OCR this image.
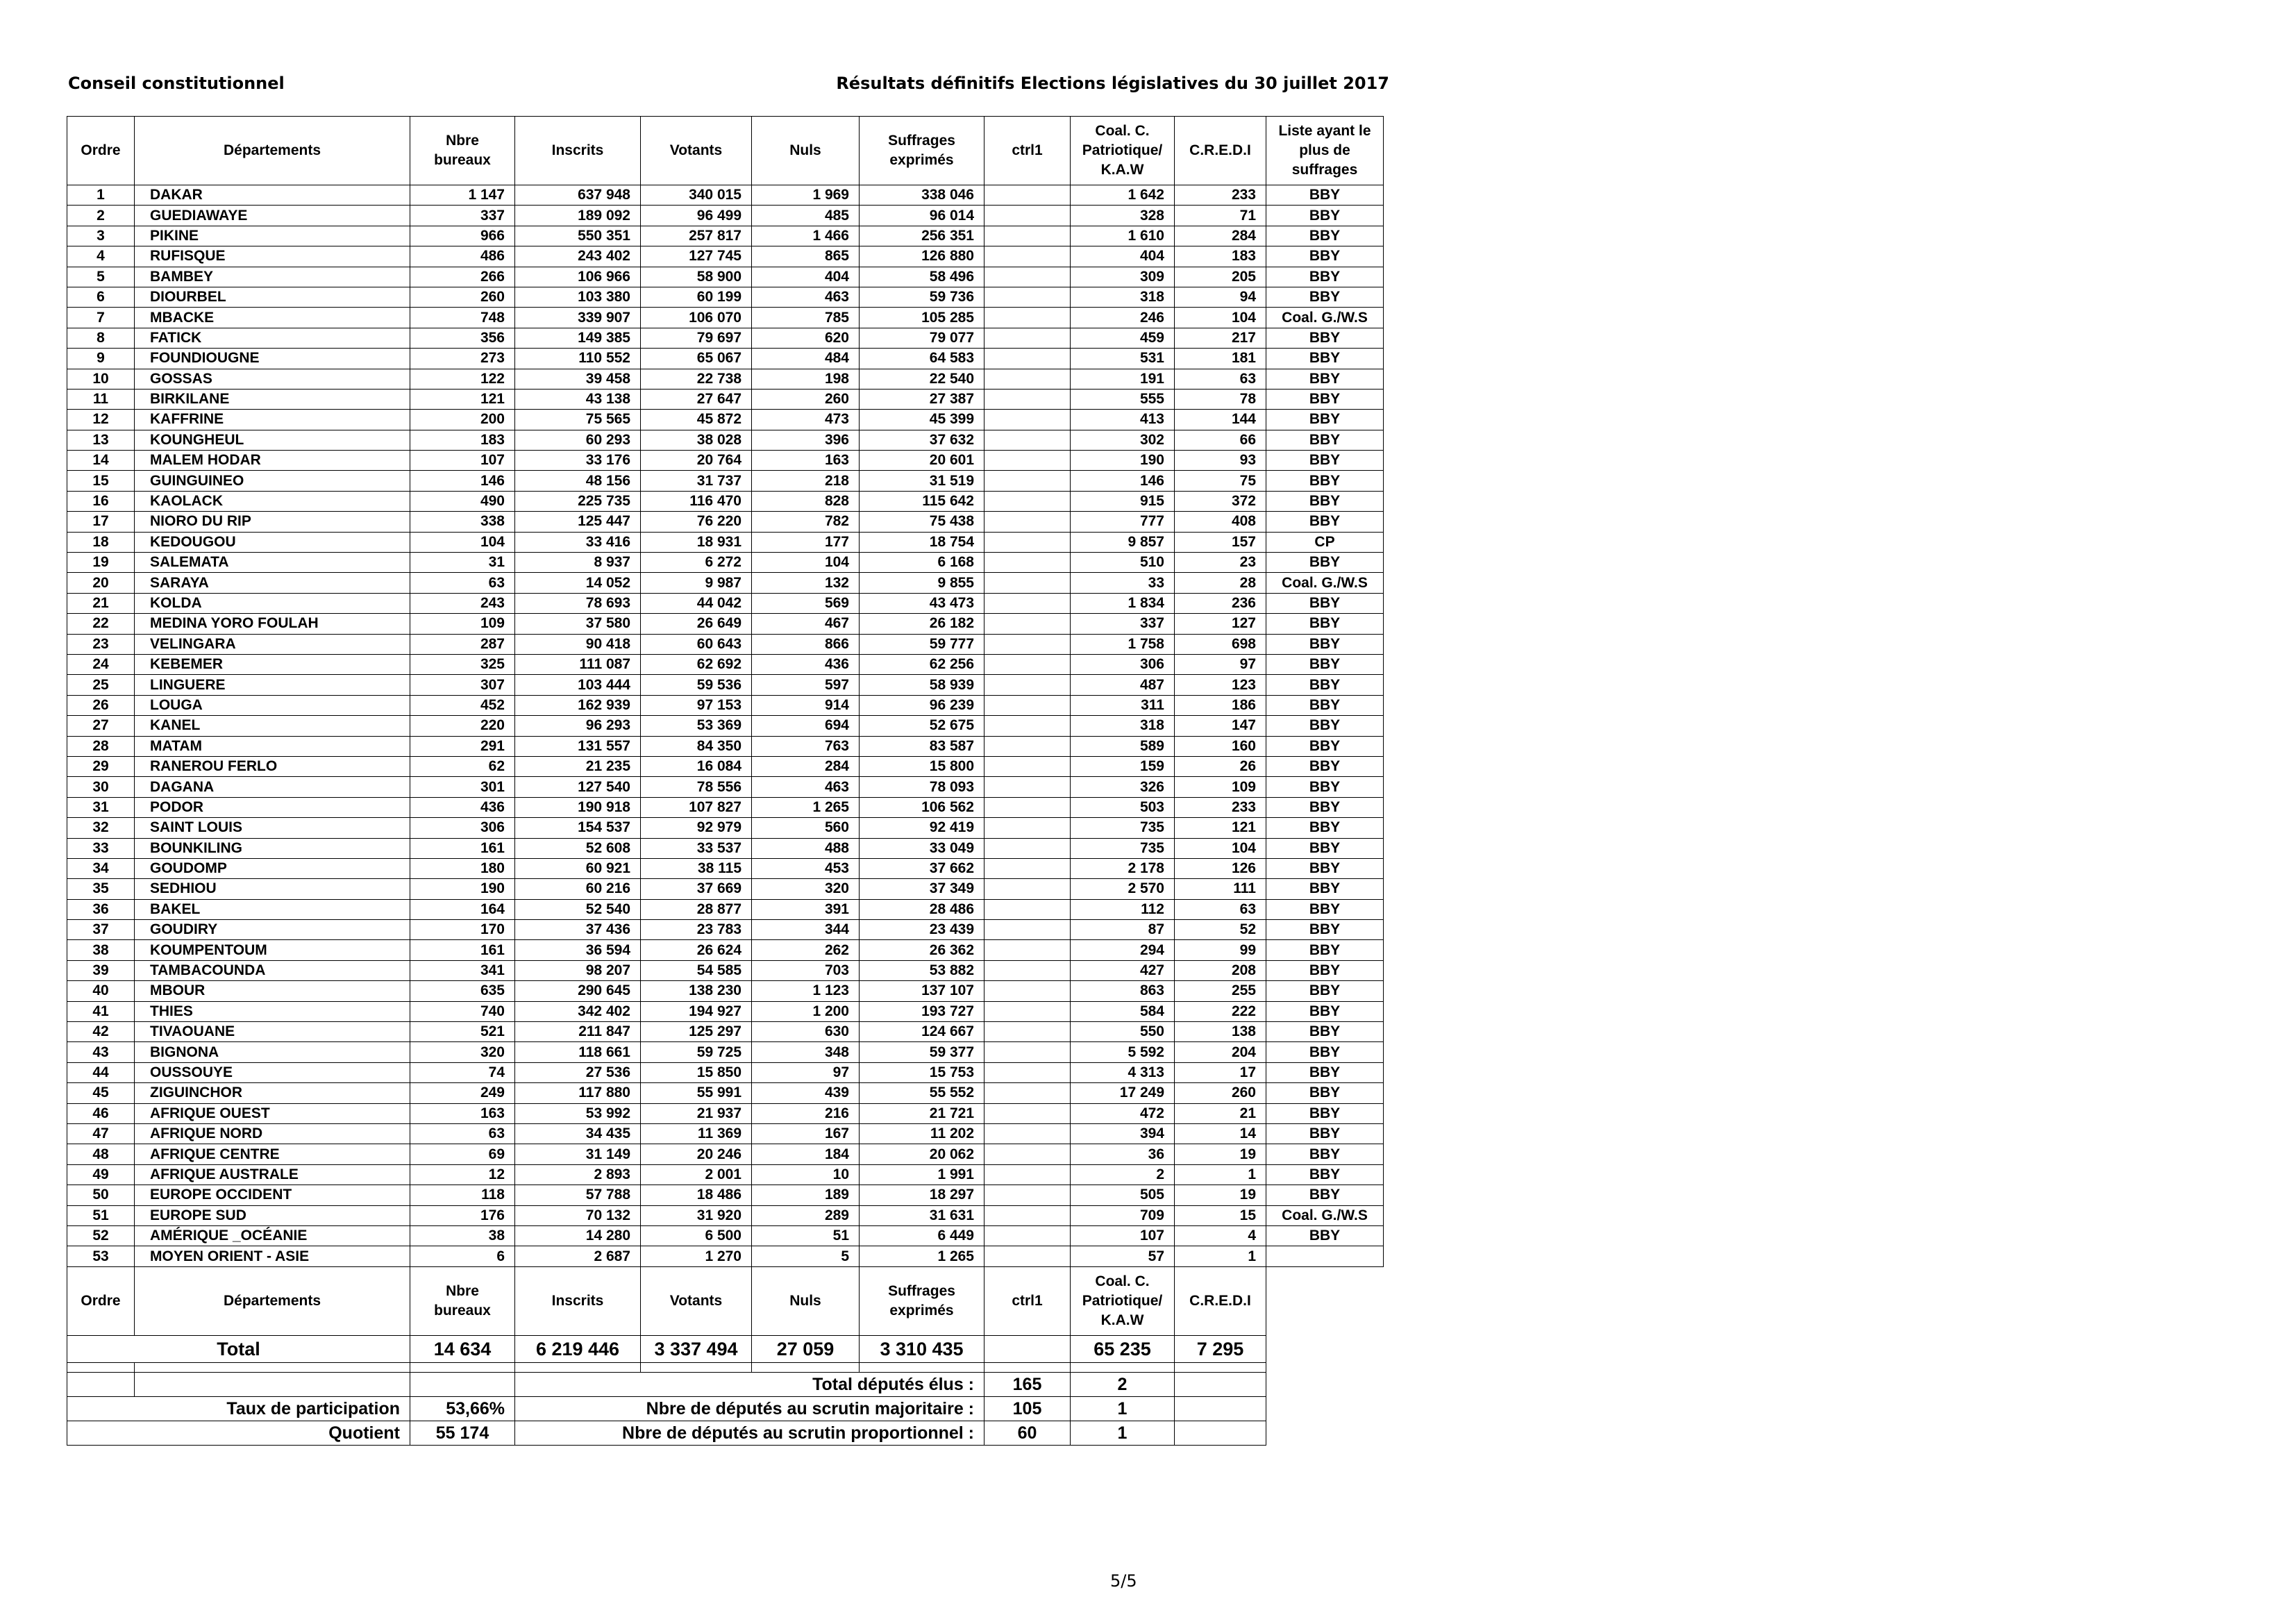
Conseil constitutionnel	Résultats définitifs Elections législatives du 30 juillet 2017
Ordre	Départements	Nbre
bureaux	Inscrits	Votants	Nuls	Suffrages
exprimés	ctrl1	Coal. C.
Patriotique/
K.A.W	C.R.E.D.I	Liste ayant le
plus de
suffrages
1	DAKAR	1 147	637 948	340 015	1 969	338 046		1 642	233	BBY
2	GUEDIAWAYE	337	189 092	96 499	485	96 014		328	71	BBY
3	PIKINE	966	550 351	257 817	1 466	256 351		1 610	284	BBY
4	RUFISQUE	486	243 402	127 745	865	126 880		404	183	BBY
5	BAMBEY	266	106 966	58 900	404	58 496		309	205	BBY
6	DIOURBEL	260	103 380	60 199	463	59 736		318	94	BBY
7	MBACKE	748	339 907	106 070	785	105 285		246	104	Coal. G./W.S
8	FATICK	356	149 385	79 697	620	79 077		459	217	BBY
9	FOUNDIOUGNE	273	110 552	65 067	484	64 583		531	181	BBY
10	GOSSAS	122	39 458	22 738	198	22 540		191	63	BBY
11	BIRKILANE	121	43 138	27 647	260	27 387		555	78	BBY
12	KAFFRINE	200	75 565	45 872	473	45 399		413	144	BBY
13	KOUNGHEUL	183	60 293	38 028	396	37 632		302	66	BBY
14	MALEM HODAR	107	33 176	20 764	163	20 601		190	93	BBY
15	GUINGUINEO	146	48 156	31 737	218	31 519		146	75	BBY
16	KAOLACK	490	225 735	116 470	828	115 642		915	372	BBY
17	NIORO DU RIP	338	125 447	76 220	782	75 438		777	408	BBY
18	KEDOUGOU	104	33 416	18 931	177	18 754		9 857	157	CP
19	SALEMATA	31	8 937	6 272	104	6 168		510	23	BBY
20	SARAYA	63	14 052	9 987	132	9 855		33	28	Coal. G./W.S
21	KOLDA	243	78 693	44 042	569	43 473		1 834	236	BBY
22	MEDINA YORO FOULAH	109	37 580	26 649	467	26 182		337	127	BBY
23	VELINGARA	287	90 418	60 643	866	59 777		1 758	698	BBY
24	KEBEMER	325	111 087	62 692	436	62 256		306	97	BBY
25	LINGUERE	307	103 444	59 536	597	58 939		487	123	BBY
26	LOUGA	452	162 939	97 153	914	96 239		311	186	BBY
27	KANEL	220	96 293	53 369	694	52 675		318	147	BBY
28	MATAM	291	131 557	84 350	763	83 587		589	160	BBY
29	RANEROU FERLO	62	21 235	16 084	284	15 800		159	26	BBY
30	DAGANA	301	127 540	78 556	463	78 093		326	109	BBY
31	PODOR	436	190 918	107 827	1 265	106 562		503	233	BBY
32	SAINT LOUIS	306	154 537	92 979	560	92 419		735	121	BBY
33	BOUNKILING	161	52 608	33 537	488	33 049		735	104	BBY
34	GOUDOMP	180	60 921	38 115	453	37 662		2 178	126	BBY
35	SEDHIOU	190	60 216	37 669	320	37 349		2 570	111	BBY
36	BAKEL	164	52 540	28 877	391	28 486		112	63	BBY
37	GOUDIRY	170	37 436	23 783	344	23 439		87	52	BBY
38	KOUMPENTOUM	161	36 594	26 624	262	26 362		294	99	BBY
39	TAMBACOUNDA	341	98 207	54 585	703	53 882		427	208	BBY
40	MBOUR	635	290 645	138 230	1 123	137 107		863	255	BBY
41	THIES	740	342 402	194 927	1 200	193 727		584	222	BBY
42	TIVAOUANE	521	211 847	125 297	630	124 667		550	138	BBY
43	BIGNONA	320	118 661	59 725	348	59 377		5 592	204	BBY
44	OUSSOUYE	74	27 536	15 850	97	15 753		4 313	17	BBY
45	ZIGUINCHOR	249	117 880	55 991	439	55 552		17 249	260	BBY
46	AFRIQUE OUEST	163	53 992	21 937	216	21 721		472	21	BBY
47	AFRIQUE NORD	63	34 435	11 369	167	11 202		394	14	BBY
48	AFRIQUE CENTRE	69	31 149	20 246	184	20 062		36	19	BBY
49	AFRIQUE AUSTRALE	12	2 893	2 001	10	1 991		2	1	BBY
50	EUROPE OCCIDENT	118	57 788	18 486	189	18 297		505	19	BBY
51	EUROPE SUD	176	70 132	31 920	289	31 631		709	15	Coal. G./W.S
52	AMÉRIQUE _OCÉANIE	38	14 280	6 500	51	6 449		107	4	BBY
53	MOYEN ORIENT - ASIE	6	2 687	1 270	5	1 265		57	1	
Ordre	Départements	Nbre
bureaux	Inscrits	Votants	Nuls	Suffrages
exprimés	ctrl1	Coal. C.
Patriotique/
K.A.W	C.R.E.D.I	
Total		14 634	6 219 446	3 337 494	27 059	3 310 435		65 235	7 295	

			Total députés élus :				165	2		
Taux de participation		53,66%	Nbre de députés au scrutin majoritaire :				105	1		
Quotient		55 174	Nbre de députés au scrutin proportionnel :				60	1		
5/5
